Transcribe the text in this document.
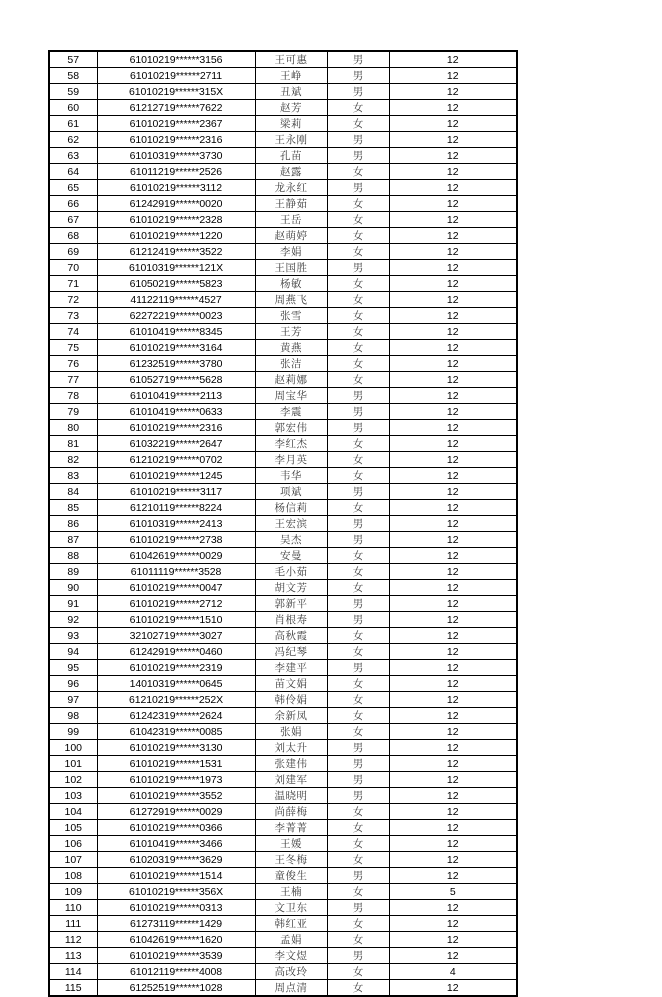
57	61010219******3156	王可惠	男	12
58	61010219******2711	王峥	男	12
59	61010219******315X	丑斌	男	12
60	61212719******7622	赵芳	女	12
61	61010219******2367	梁莉	女	12
62	61010219******2316	王永刚	男	12
63	61010319******3730	孔苗	男	12
64	61011219******2526	赵露	女	12
65	61010219******3112	龙永红	男	12
66	61242919******0020	王静茹	女	12
67	61010219******2328	王岳	女	12
68	61010219******1220	赵萌婷	女	12
69	61212419******3522	李娟	女	12
70	61010319******121X	王国胜	男	12
71	61050219******5823	杨敏	女	12
72	41122119******4527	周燕飞	女	12
73	62272219******0023	张雪	女	12
74	61010419******8345	王芳	女	12
75	61010219******3164	黄燕	女	12
76	61232519******3780	张洁	女	12
77	61052719******5628	赵莉娜	女	12
78	61010419******2113	周宝华	男	12
79	61010419******0633	李震	男	12
80	61010219******2316	郭宏伟	男	12
81	61032219******2647	李红杰	女	12
82	61210219******0702	李月英	女	12
83	61010219******1245	韦华	女	12
84	61010219******3117	项斌	男	12
85	61210119******8224	杨信莉	女	12
86	61010319******2413	王宏滨	男	12
87	61010219******2738	吴杰	男	12
88	61042619******0029	安曼	女	12
89	61011119******3528	毛小茹	女	12
90	61010219******0047	胡文芳	女	12
91	61010219******2712	郭新平	男	12
92	61010219******1510	肖根寿	男	12
93	32102719******3027	高秋霞	女	12
94	61242919******0460	冯纪琴	女	12
95	61010219******2319	李建平	男	12
96	14010319******0645	苗文娟	女	12
97	61210219******252X	韩伶娟	女	12
98	61242319******2624	余新凤	女	12
99	61042319******0085	张娟	女	12
100	61010219******3130	刘太升	男	12
101	61010219******1531	张建伟	男	12
102	61010219******1973	刘建军	男	12
103	61010219******3552	温晓明	男	12
104	61272919******0029	尚薛梅	女	12
105	61010219******0366	李菁菁	女	12
106	61010419******3466	王媛	女	12
107	61020319******3629	王冬梅	女	12
108	61010219******1514	童俊生	男	12
109	61010219******356X	王楠	女	5
110	61010219******0313	文卫东	男	12
111	61273119******1429	韩红亚	女	12
112	61042619******1620	孟娟	女	12
113	61010219******3539	李文煜	男	12
114	61012119******4008	高改玲	女	4
115	61252519******1028	周点清	女	12
